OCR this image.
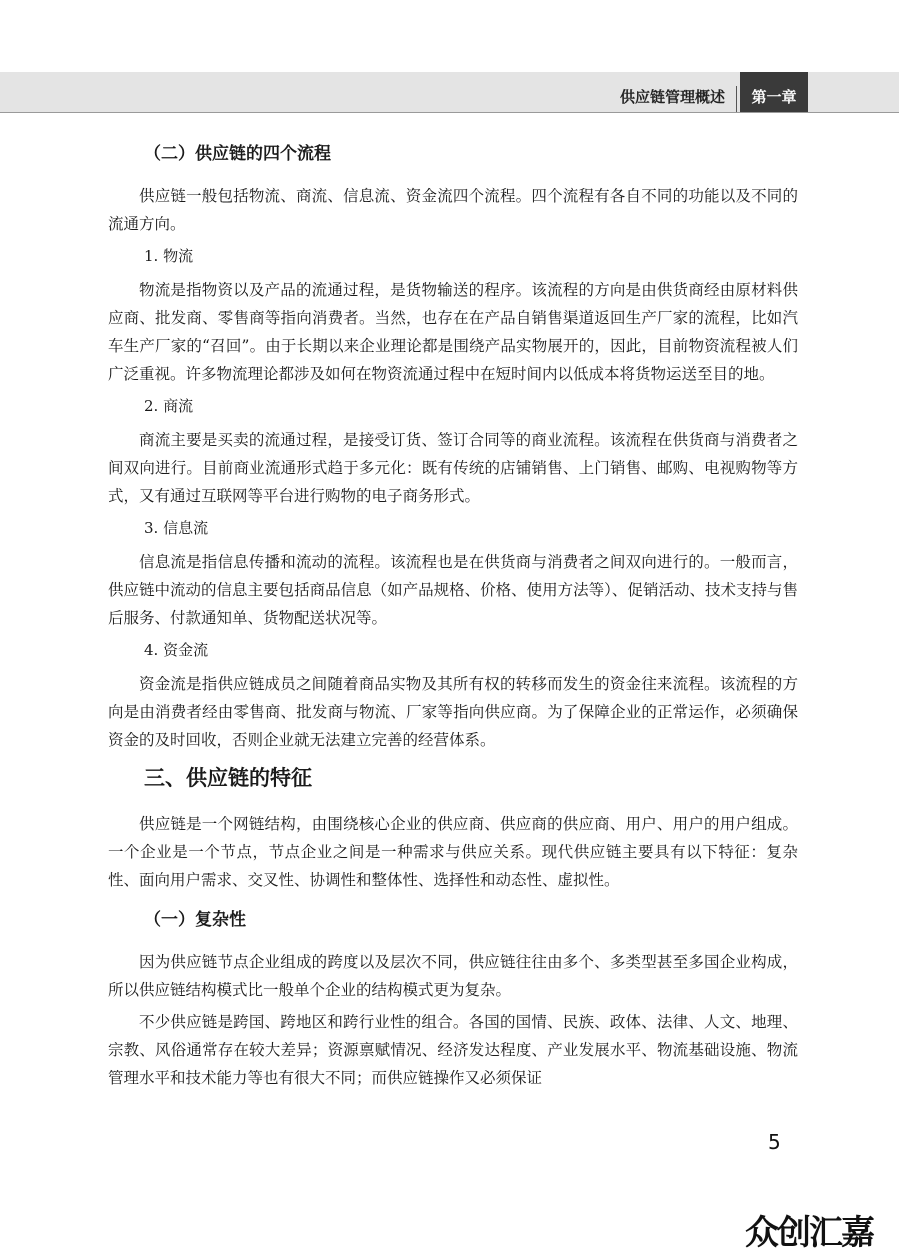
供应链管理概述	第一章
（二）供应链的四个流程

供应链一般包括物流、商流、信息流、资金流四个流程。四个流程有各自不同的功能以及不同的流通方向。

1. 物流

物流是指物资以及产品的流通过程，是货物输送的程序。该流程的方向是由供货商经由原材料供应商、批发商、零售商等指向消费者。当然，也存在在产品自销售渠道返回生产厂家的流程，比如汽车生产厂家的“召回”。由于长期以来企业理论都是围绕产品实物展开的，因此，目前物资流程被人们广泛重视。许多物流理论都涉及如何在物资流通过程中在短时间内以低成本将货物运送至目的地。

2. 商流

商流主要是买卖的流通过程，是接受订货、签订合同等的商业流程。该流程在供货商与消费者之间双向进行。目前商业流通形式趋于多元化：既有传统的店铺销售、上门销售、邮购、电视购物等方式，又有通过互联网等平台进行购物的电子商务形式。

3. 信息流

信息流是指信息传播和流动的流程。该流程也是在供货商与消费者之间双向进行的。一般而言，供应链中流动的信息主要包括商品信息（如产品规格、价格、使用方法等）、促销活动、技术支持与售后服务、付款通知单、货物配送状况等。

4. 资金流

资金流是指供应链成员之间随着商品实物及其所有权的转移而发生的资金往来流程。该流程的方向是由消费者经由零售商、批发商与物流、厂家等指向供应商。为了保障企业的正常运作，必须确保资金的及时回收，否则企业就无法建立完善的经营体系。

三、供应链的特征

供应链是一个网链结构，由围绕核心企业的供应商、供应商的供应商、用户、用户的用户组成。一个企业是一个节点，节点企业之间是一种需求与供应关系。现代供应链主要具有以下特征：复杂性、面向用户需求、交叉性、协调性和整体性、选择性和动态性、虚拟性。

（一）复杂性

因为供应链节点企业组成的跨度以及层次不同，供应链往往由多个、多类型甚至多国企业构成，所以供应链结构模式比一般单个企业的结构模式更为复杂。

不少供应链是跨国、跨地区和跨行业性的组合。各国的国情、民族、政体、法律、人文、地理、宗教、风俗通常存在较大差异；资源禀赋情况、经济发达程度、产业发展水平、物流基础设施、物流管理水平和技术能力等也有很大不同；而供应链操作又必须保证

5
众创汇嘉
